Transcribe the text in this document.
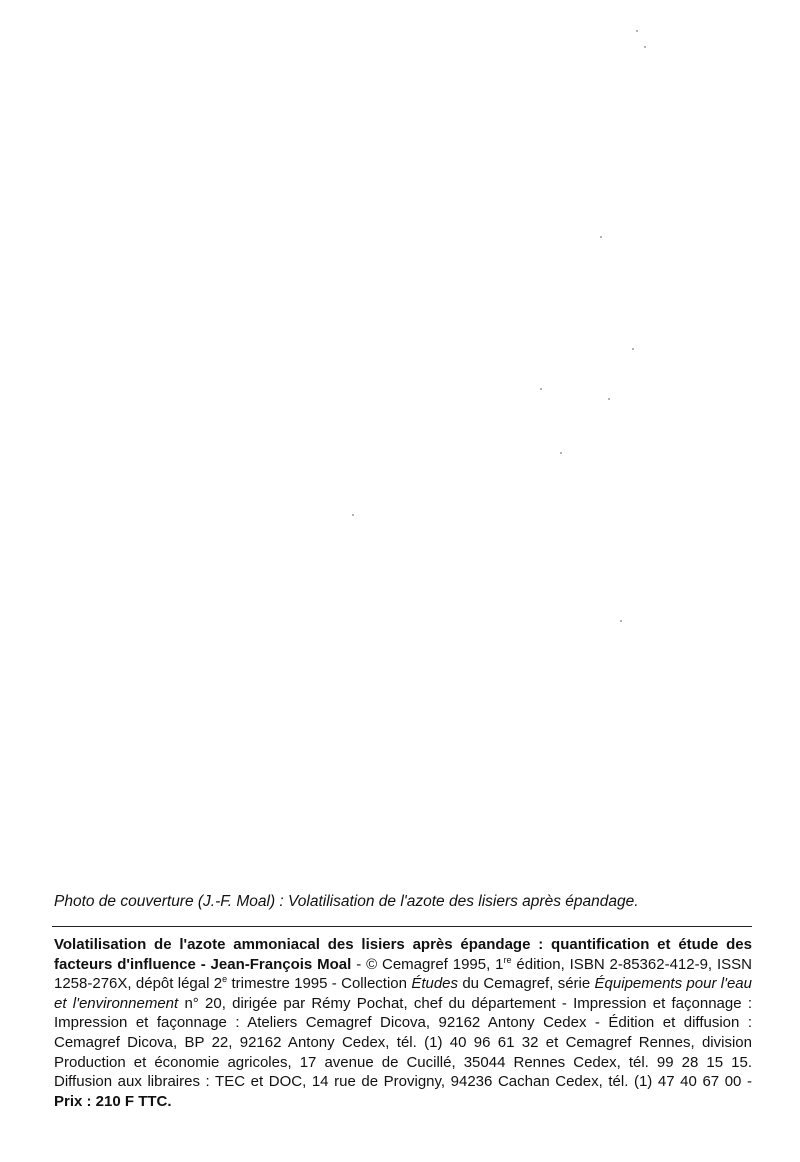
Photo de couverture (J.-F. Moal) : Volatilisation de l'azote des lisiers après épandage.

Volatilisation de l'azote ammoniacal des lisiers après épandage : quantification et étude des facteurs d'influence - Jean-François Moal - © Cemagref 1995, 1re édition, ISBN 2-85362-412-9, ISSN 1258-276X, dépôt légal 2e trimestre 1995 - Collection Études du Cemagref, série Équipements pour l'eau et l'environnement n° 20, dirigée par Rémy Pochat, chef du département - Impression et façonnage : Impression et façonnage : Ateliers Cemagref Dicova, 92162 Antony Cedex - Édition et diffusion : Cemagref Dicova, BP 22, 92162 Antony Cedex, tél. (1) 40 96 61 32 et Cemagref Rennes, division Production et économie agricoles, 17 avenue de Cucillé, 35044 Rennes Cedex, tél. 99 28 15 15. Diffusion aux libraires : TEC et DOC, 14 rue de Provigny, 94236 Cachan Cedex, tél. (1) 47 40 67 00 - Prix : 210 F TTC.
